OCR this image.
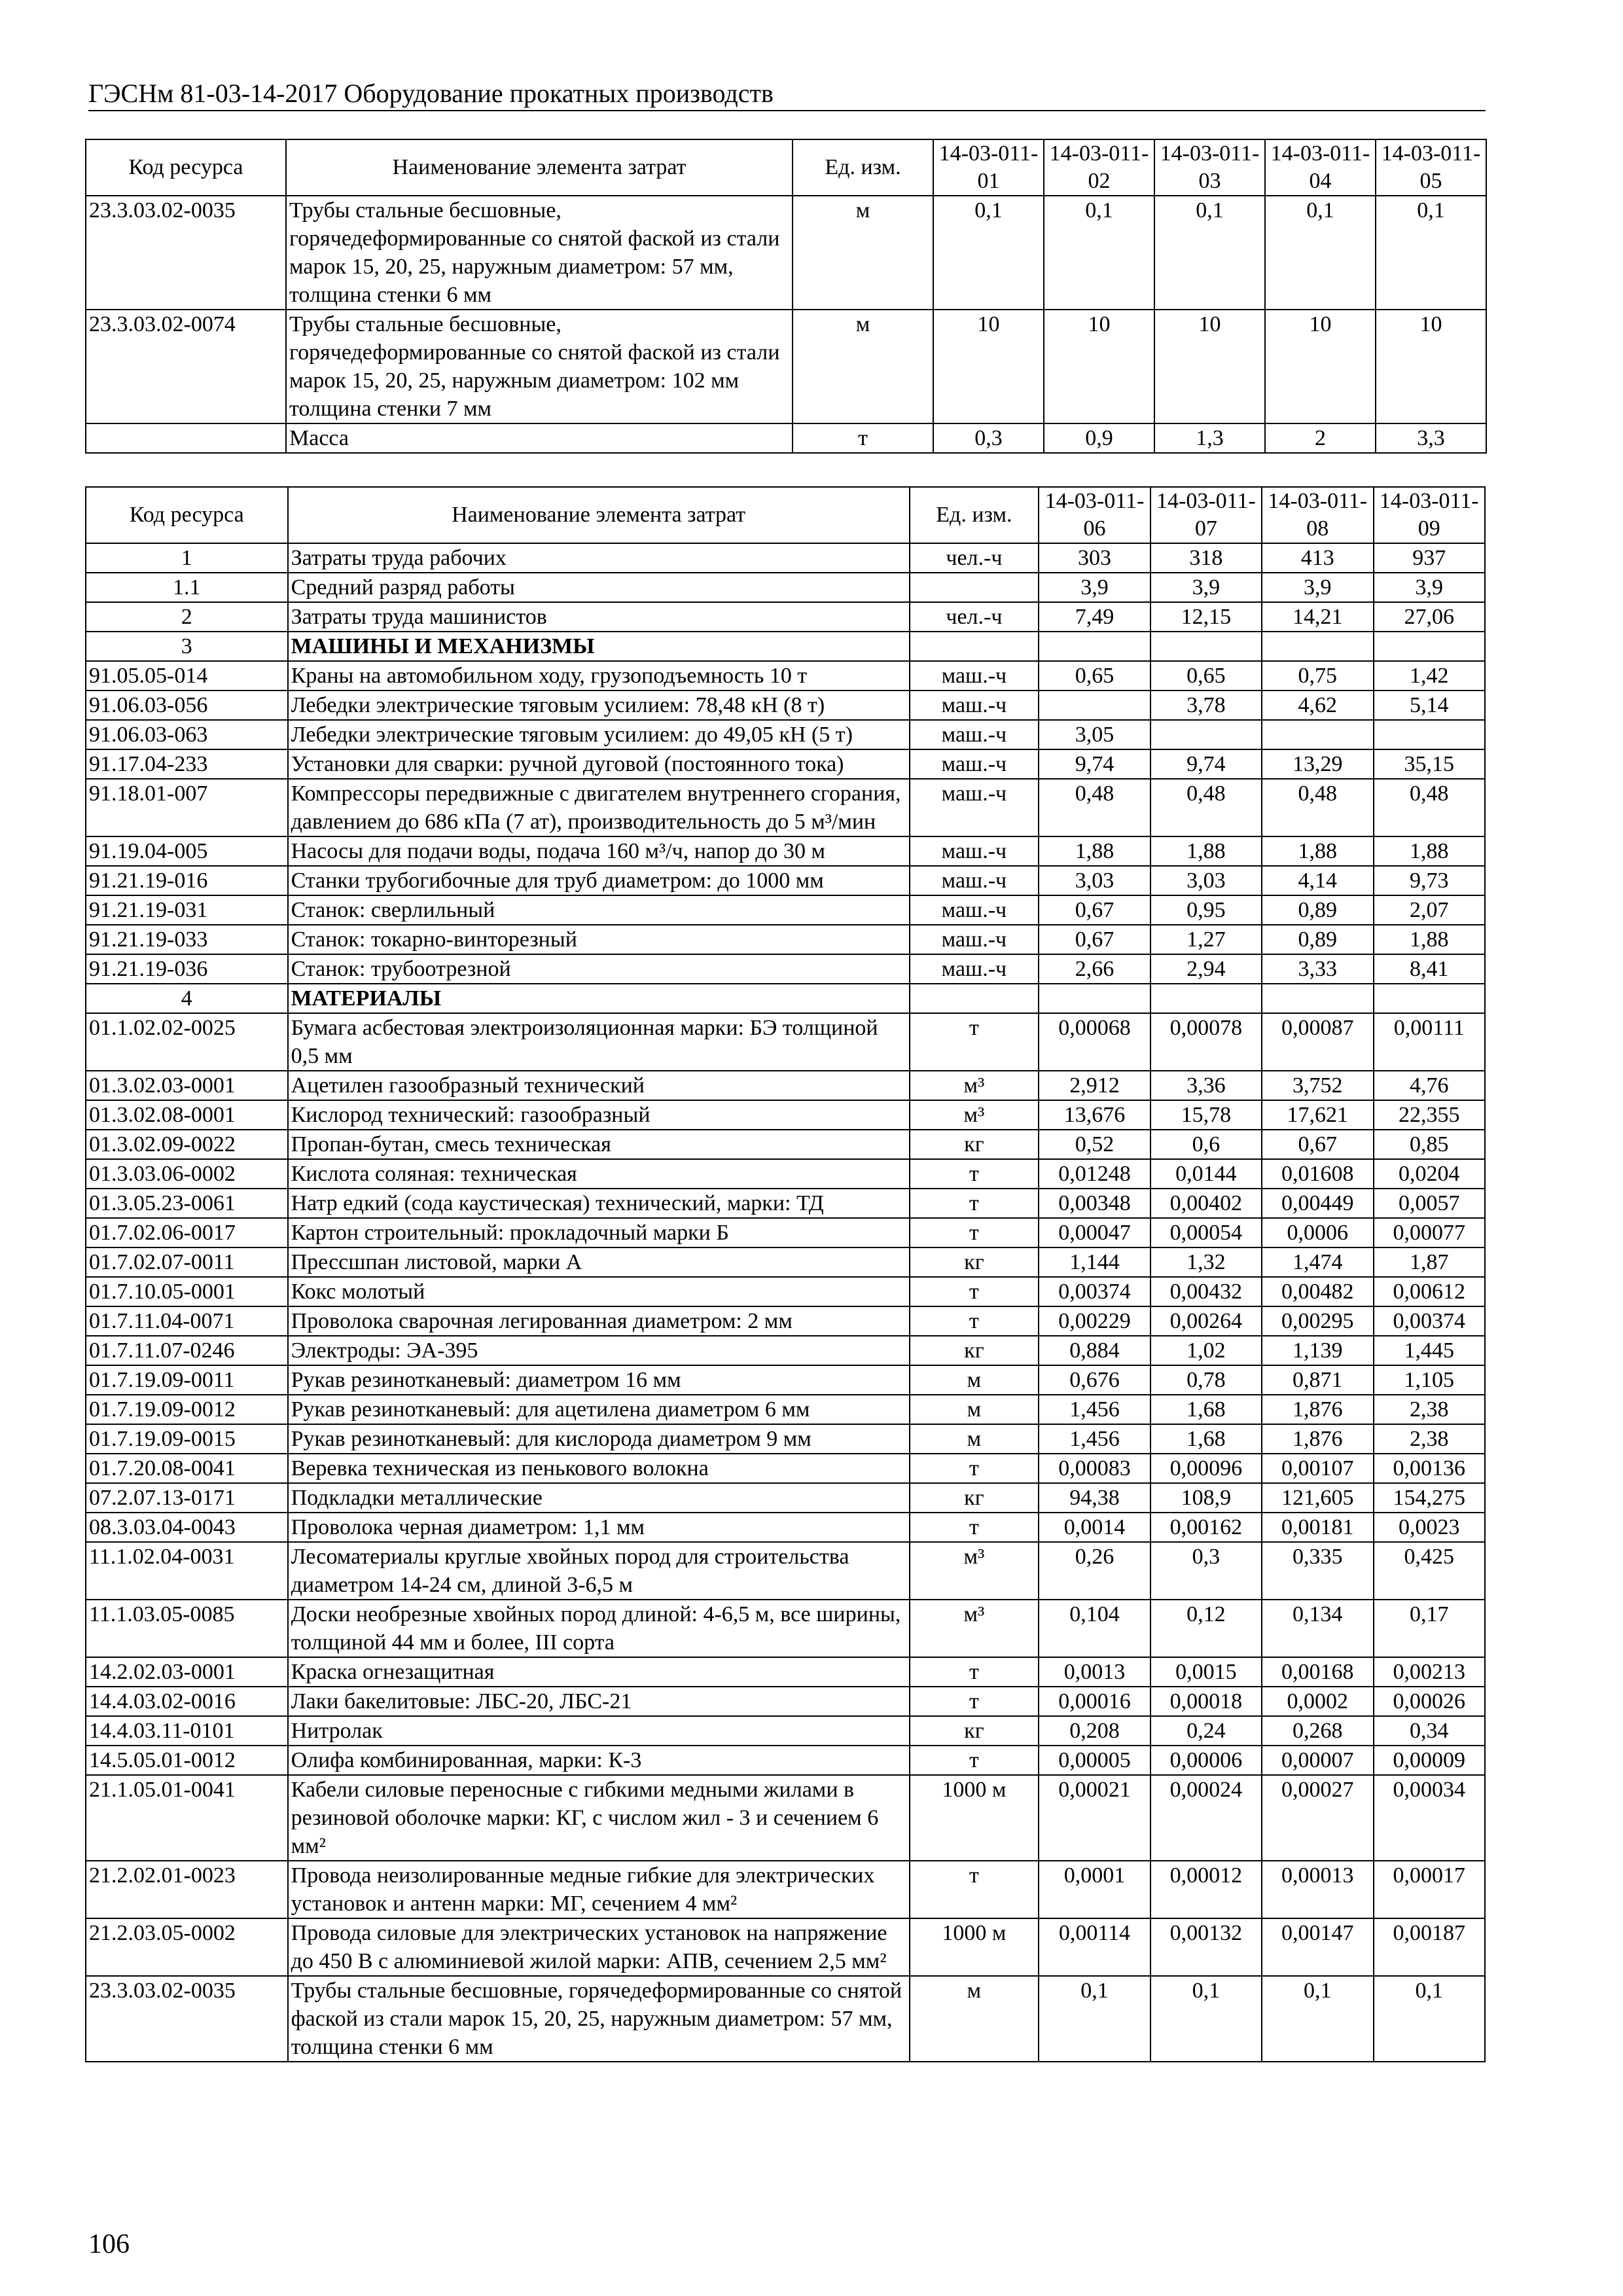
ГЭСНм 81-03-14-2017 Оборудование прокатных производств
Код ресурса	Наименование элемента затрат	Ед. изм.	14-03-011-01	14-03-011-02	14-03-011-03	14-03-011-04	14-03-011-05
23.3.03.02-0035	Трубы стальные бесшовные, горячедеформированные со снятой фаской из стали марок 15, 20, 25, наружным диаметром: 57 мм, толщина стенки 6 мм	м	0,1	0,1	0,1	0,1	0,1
23.3.03.02-0074	Трубы стальные бесшовные, горячедеформированные со снятой фаской из стали марок 15, 20, 25, наружным диаметром: 102 мм толщина стенки 7 мм	м	10	10	10	10	10
	Масса	т	0,3	0,9	1,3	2	3,3
Код ресурса	Наименование элемента затрат	Ед. изм.	14-03-011-06	14-03-011-07	14-03-011-08	14-03-011-09
1	Затраты труда рабочих	чел.-ч	303	318	413	937
1.1	Средний разряд работы		3,9	3,9	3,9	3,9
2	Затраты труда машинистов	чел.-ч	7,49	12,15	14,21	27,06
3	МАШИНЫ И МЕХАНИЗМЫ					
91.05.05-014	Краны на автомобильном ходу, грузоподъемность 10 т	маш.-ч	0,65	0,65	0,75	1,42
91.06.03-056	Лебедки электрические тяговым усилием: 78,48 кН (8 т)	маш.-ч		3,78	4,62	5,14
91.06.03-063	Лебедки электрические тяговым усилием: до 49,05 кН (5 т)	маш.-ч	3,05			
91.17.04-233	Установки для сварки: ручной дуговой (постоянного тока)	маш.-ч	9,74	9,74	13,29	35,15
91.18.01-007	Компрессоры передвижные с двигателем внутреннего сгорания, давлением до 686 кПа (7 ат), производительность до 5 м³/мин	маш.-ч	0,48	0,48	0,48	0,48
91.19.04-005	Насосы для подачи воды, подача 160 м³/ч, напор до 30 м	маш.-ч	1,88	1,88	1,88	1,88
91.21.19-016	Станки трубогибочные для труб диаметром: до 1000 мм	маш.-ч	3,03	3,03	4,14	9,73
91.21.19-031	Станок: сверлильный	маш.-ч	0,67	0,95	0,89	2,07
91.21.19-033	Станок: токарно-винторезный	маш.-ч	0,67	1,27	0,89	1,88
91.21.19-036	Станок: трубоотрезной	маш.-ч	2,66	2,94	3,33	8,41
4	МАТЕРИАЛЫ					
01.1.02.02-0025	Бумага асбестовая электроизоляционная марки: БЭ толщиной 0,5 мм	т	0,00068	0,00078	0,00087	0,00111
01.3.02.03-0001	Ацетилен газообразный технический	м³	2,912	3,36	3,752	4,76
01.3.02.08-0001	Кислород технический: газообразный	м³	13,676	15,78	17,621	22,355
01.3.02.09-0022	Пропан-бутан, смесь техническая	кг	0,52	0,6	0,67	0,85
01.3.03.06-0002	Кислота соляная: техническая	т	0,01248	0,0144	0,01608	0,0204
01.3.05.23-0061	Натр едкий (сода каустическая) технический, марки: ТД	т	0,00348	0,00402	0,00449	0,0057
01.7.02.06-0017	Картон строительный: прокладочный марки Б	т	0,00047	0,00054	0,0006	0,00077
01.7.02.07-0011	Прессшпан листовой, марки А	кг	1,144	1,32	1,474	1,87
01.7.10.05-0001	Кокс молотый	т	0,00374	0,00432	0,00482	0,00612
01.7.11.04-0071	Проволока сварочная легированная диаметром: 2 мм	т	0,00229	0,00264	0,00295	0,00374
01.7.11.07-0246	Электроды: ЭА-395	кг	0,884	1,02	1,139	1,445
01.7.19.09-0011	Рукав резинотканевый: диаметром 16 мм	м	0,676	0,78	0,871	1,105
01.7.19.09-0012	Рукав резинотканевый: для ацетилена диаметром 6 мм	м	1,456	1,68	1,876	2,38
01.7.19.09-0015	Рукав резинотканевый: для кислорода диаметром 9 мм	м	1,456	1,68	1,876	2,38
01.7.20.08-0041	Веревка техническая из пенькового волокна	т	0,00083	0,00096	0,00107	0,00136
07.2.07.13-0171	Подкладки металлические	кг	94,38	108,9	121,605	154,275
08.3.03.04-0043	Проволока черная диаметром: 1,1 мм	т	0,0014	0,00162	0,00181	0,0023
11.1.02.04-0031	Лесоматериалы круглые хвойных пород для строительства диаметром 14-24 см, длиной 3-6,5 м	м³	0,26	0,3	0,335	0,425
11.1.03.05-0085	Доски необрезные хвойных пород длиной: 4-6,5 м, все ширины, толщиной 44 мм и более, III сорта	м³	0,104	0,12	0,134	0,17
14.2.02.03-0001	Краска огнезащитная	т	0,0013	0,0015	0,00168	0,00213
14.4.03.02-0016	Лаки бакелитовые: ЛБС-20, ЛБС-21	т	0,00016	0,00018	0,0002	0,00026
14.4.03.11-0101	Нитролак	кг	0,208	0,24	0,268	0,34
14.5.05.01-0012	Олифа комбинированная, марки: К-3	т	0,00005	0,00006	0,00007	0,00009
21.1.05.01-0041	Кабели силовые переносные с гибкими медными жилами в резиновой оболочке марки: КГ, с числом жил - 3 и сечением 6 мм²	1000 м	0,00021	0,00024	0,00027	0,00034
21.2.02.01-0023	Провода неизолированные медные гибкие для электрических установок и антенн марки: МГ, сечением 4 мм²	т	0,0001	0,00012	0,00013	0,00017
21.2.03.05-0002	Провода силовые для электрических установок на напряжение до 450 В с алюминиевой жилой марки: АПВ, сечением 2,5 мм²	1000 м	0,00114	0,00132	0,00147	0,00187
23.3.03.02-0035	Трубы стальные бесшовные, горячедеформированные со снятой фаской из стали марок 15, 20, 25, наружным диаметром: 57 мм, толщина стенки 6 мм	м	0,1	0,1	0,1	0,1
106
